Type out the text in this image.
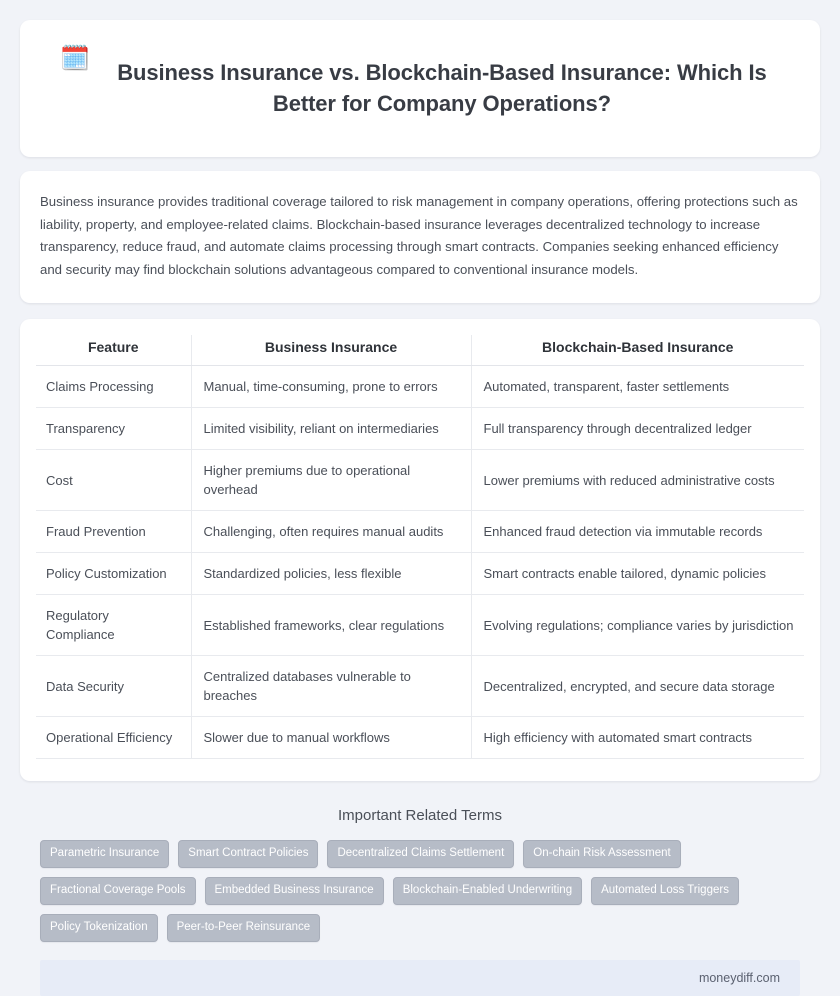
🗓️
Business Insurance vs. Blockchain-Based Insurance: Which Is Better for Company Operations?

Business insurance provides traditional coverage tailored to risk management in company operations, offering protections such as liability, property, and employee-related claims. Blockchain-based insurance leverages decentralized technology to increase transparency, reduce fraud, and automate claims processing through smart contracts. Companies seeking enhanced efficiency and security may find blockchain solutions advantageous compared to conventional insurance models.

Feature	Business Insurance	Blockchain-Based Insurance
Claims Processing	Manual, time-consuming, prone to errors	Automated, transparent, faster settlements
Transparency	Limited visibility, reliant on intermediaries	Full transparency through decentralized ledger
Cost	Higher premiums due to operational overhead	Lower premiums with reduced administrative costs
Fraud Prevention	Challenging, often requires manual audits	Enhanced fraud detection via immutable records
Policy Customization	Standardized policies, less flexible	Smart contracts enable tailored, dynamic policies
Regulatory Compliance	Established frameworks, clear regulations	Evolving regulations; compliance varies by jurisdiction
Data Security	Centralized databases vulnerable to breaches	Decentralized, encrypted, and secure data storage
Operational Efficiency	Slower due to manual workflows	High efficiency with automated smart contracts
Important Related Terms
Parametric Insurance	Smart Contract Policies	Decentralized Claims Settlement	On-chain Risk Assessment
Fractional Coverage Pools	Embedded Business Insurance	Blockchain-Enabled Underwriting	Automated Loss Triggers
Policy Tokenization	Peer-to-Peer Reinsurance
moneydiff.com
